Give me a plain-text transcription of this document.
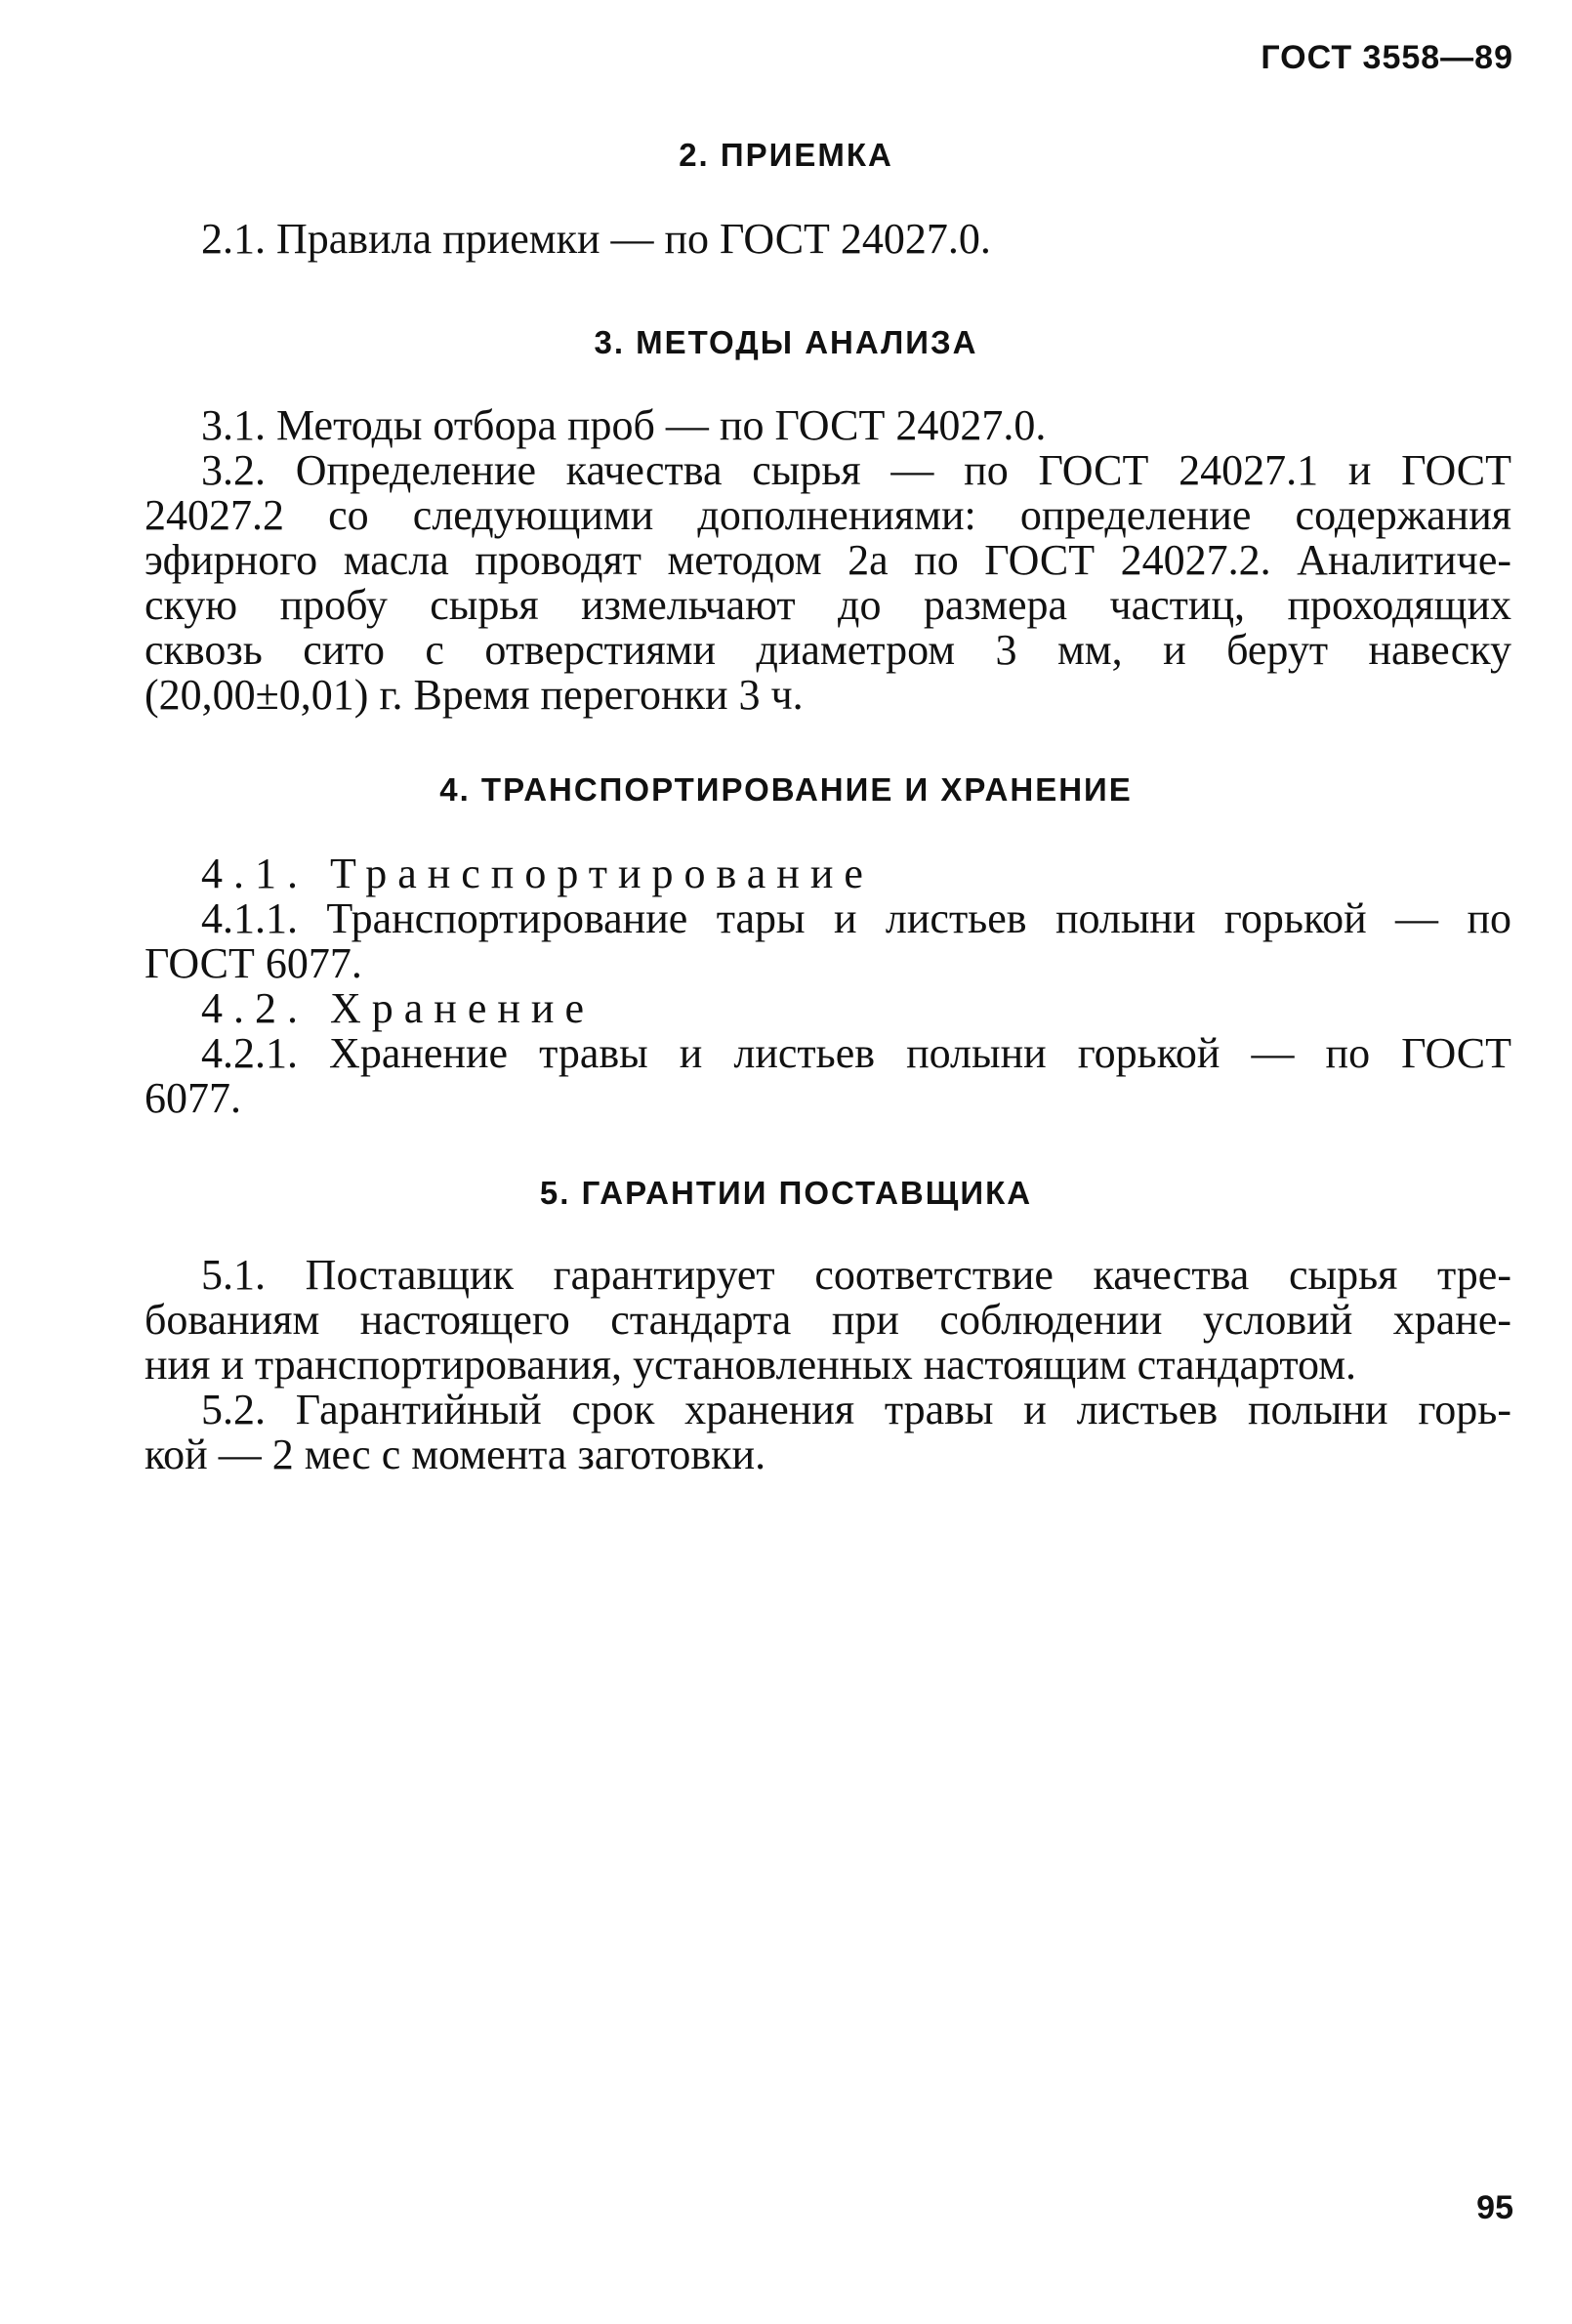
ГОСТ 3558—89
2. ПРИЕМКА
2.1. Правила приемки — по ГОСТ 24027.0.
3. МЕТОДЫ АНАЛИЗА
3.1. Методы отбора проб — по ГОСТ 24027.0.
3.2. Определение качества сырья — по ГОСТ 24027.1 и ГОСТ
24027.2 со следующими дополнениями: определение содержания
эфирного масла проводят методом 2а по ГОСТ 24027.2. Аналитиче-
скую пробу сырья измельчают до размера частиц, проходящих
сквозь сито с отверстиями диаметром 3 мм, и берут навеску
(20,00±0,01) г. Время перегонки 3 ч.
4. ТРАНСПОРТИРОВАНИЕ И ХРАНЕНИЕ
4.1. Транспортирование
4.1.1. Транспортирование тары и листьев полыни горькой — по
ГОСТ 6077.
4.2. Хранение
4.2.1. Хранение травы и листьев полыни горькой — по ГОСТ
6077.
5. ГАРАНТИИ ПОСТАВЩИКА
5.1. Поставщик гарантирует соответствие качества сырья тре-
бованиям настоящего стандарта при соблюдении условий хране-
ния и транспортирования, установленных настоящим стандартом.
5.2. Гарантийный срок хранения травы и листьев полыни горь-
кой — 2 мес с момента заготовки.
95
